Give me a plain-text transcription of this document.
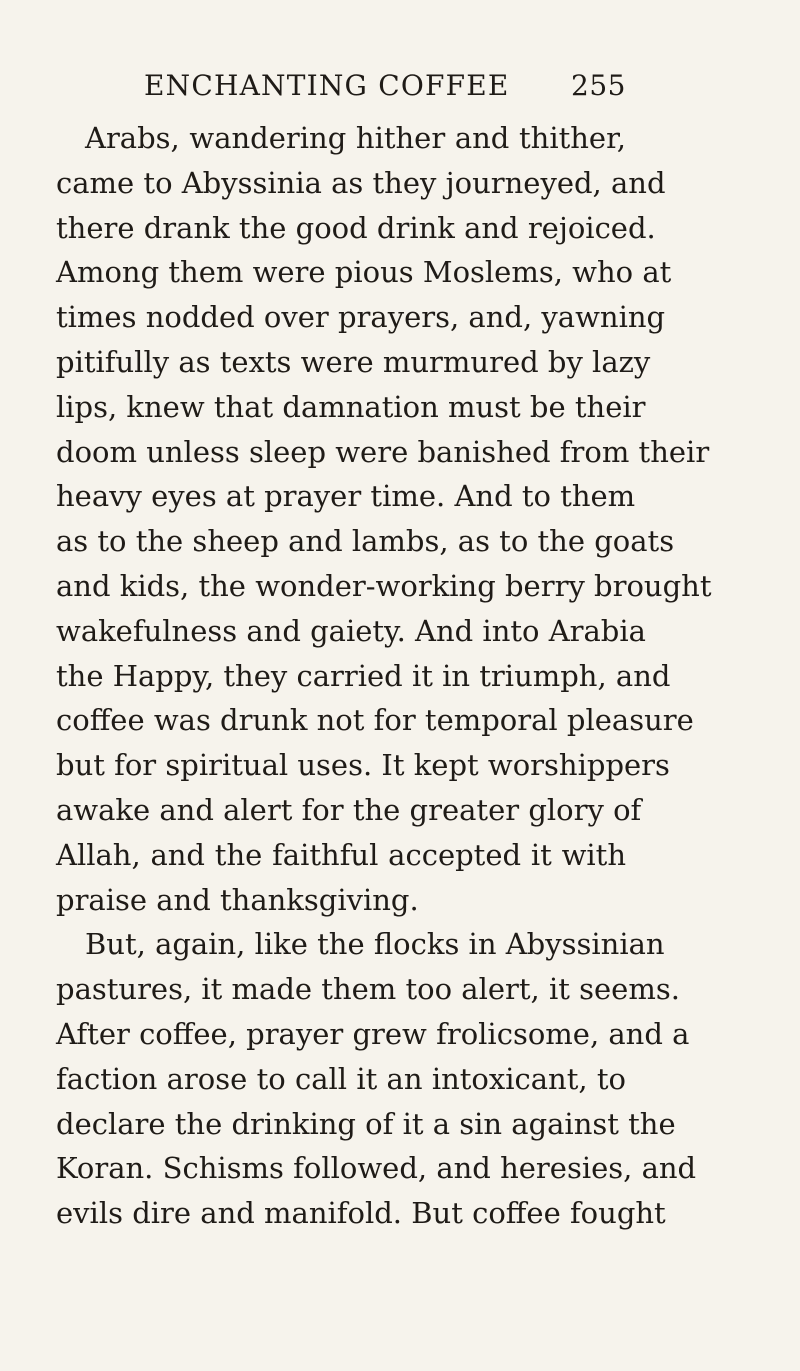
ENCHANTING COFFEE 255
Arabs, wandering hither and thither,
came to Abyssinia as they journeyed, and
there drank the good drink and rejoiced.
Among them were pious Moslems, who at
times nodded over prayers, and, yawning
pitifully as texts were murmured by lazy
lips, knew that damnation must be their
doom unless sleep were banished from their
heavy eyes at prayer time. And to them
as to the sheep and lambs, as to the goats
and kids, the wonder-working berry brought
wakefulness and gaiety. And into Arabia
the Happy, they carried it in triumph, and
coffee was drunk not for temporal pleasure
but for spiritual uses. It kept worshippers
awake and alert for the greater glory of
Allah, and the faithful accepted it with
praise and thanksgiving.
But, again, like the flocks in Abyssinian
pastures, it made them too alert, it seems.
After coffee, prayer grew frolicsome, and a
faction arose to call it an intoxicant, to
declare the drinking of it a sin against the
Koran. Schisms followed, and heresies, and
evils dire and manifold. But coffee fought
